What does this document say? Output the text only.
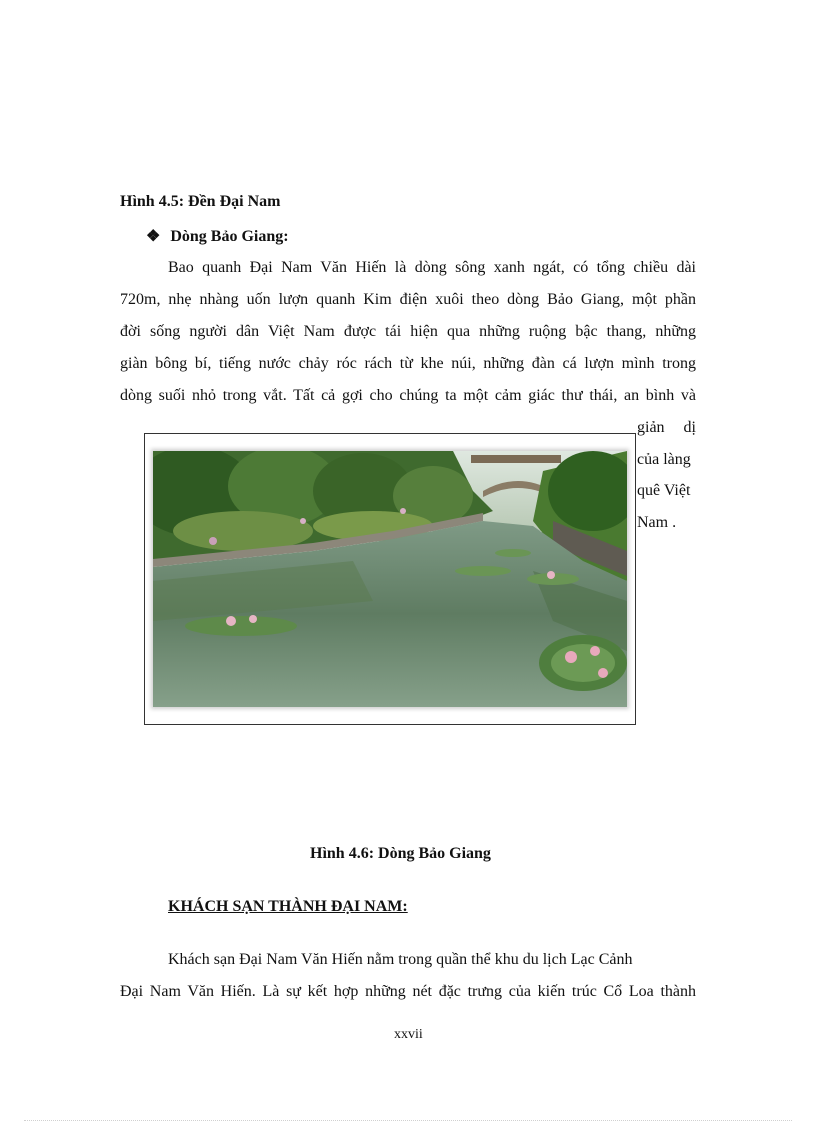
Hình 4.5: Đền Đại Nam
❖ Dòng Bảo Giang:
Bao quanh Đại Nam Văn Hiến là dòng sông xanh ngát, có tổng chiều dài
720m, nhẹ nhàng uốn lượn quanh Kim điện xuôi theo dòng Bảo Giang, một phần
đời sống người dân Việt Nam được tái hiện qua những ruộng bậc thang, những
giàn bông bí, tiếng nước chảy róc rách từ khe núi, những đàn cá lượn mình trong
dòng suối nhỏ trong vắt. Tất cả gợi cho chúng ta một cảm giác thư thái, an bình và
giản dị
của làng
quê Việt
Nam .
Hình 4.6: Dòng Bảo Giang
KHÁCH SẠN THÀNH ĐẠI NAM:
Khách sạn Đại Nam Văn Hiến nằm trong quần thể khu du lịch Lạc Cảnh
Đại Nam Văn Hiến. Là sự kết hợp những nét đặc trưng của kiến trúc Cổ Loa thành
xxvii
